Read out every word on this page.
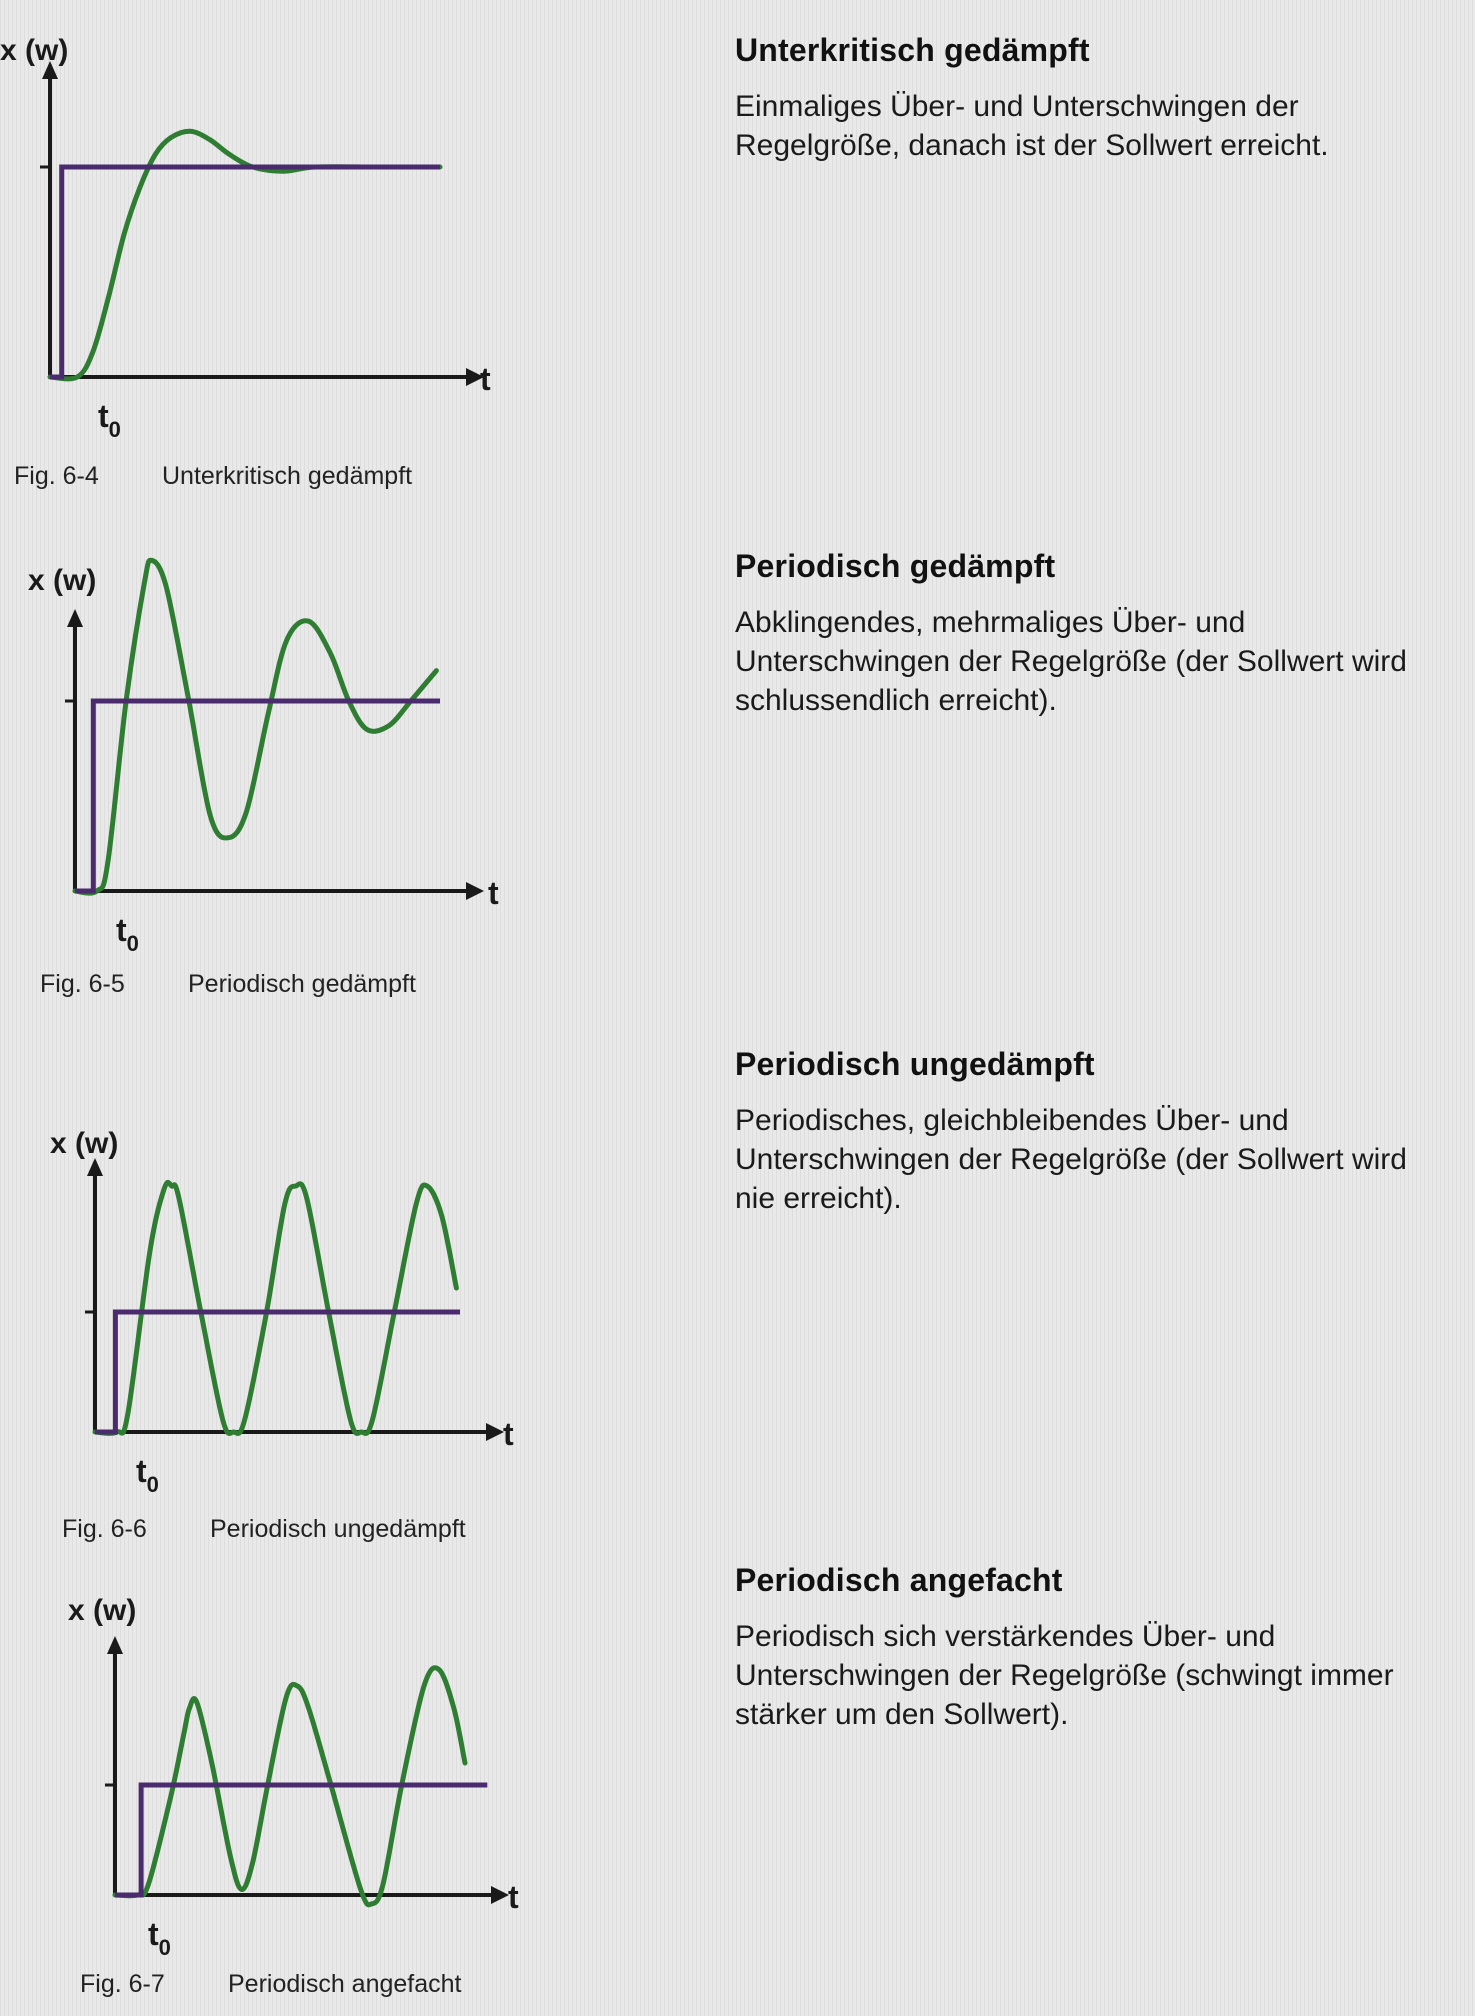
x (w)
t
$t_0$
Fig. 6-4	Unterkritisch gedämpft
Unterkritisch gedämpft

Einmaliges Über- und Unterschwingen der Regelgröße, danach ist der Sollwert erreicht.

x (w)
t
$t_0$
Fig. 6-5	Periodisch gedämpft
Periodisch gedämpft

Abklingendes, mehrmaliges Über- und Unterschwingen der Regelgröße (der Sollwert wird schlussendlich erreicht).

x (w)
t
$t_0$
Fig. 6-6	Periodisch ungedämpft
Periodisch ungedämpft

Periodisches, gleichbleibendes Über- und Unterschwingen der Regelgröße (der Sollwert wird nie erreicht).

x (w)
t
$t_0$
Fig. 6-7	Periodisch angefacht
Periodisch angefacht

Periodisch sich verstärkendes Über- und Unterschwingen der Regelgröße (schwingt immer stärker um den Sollwert).
